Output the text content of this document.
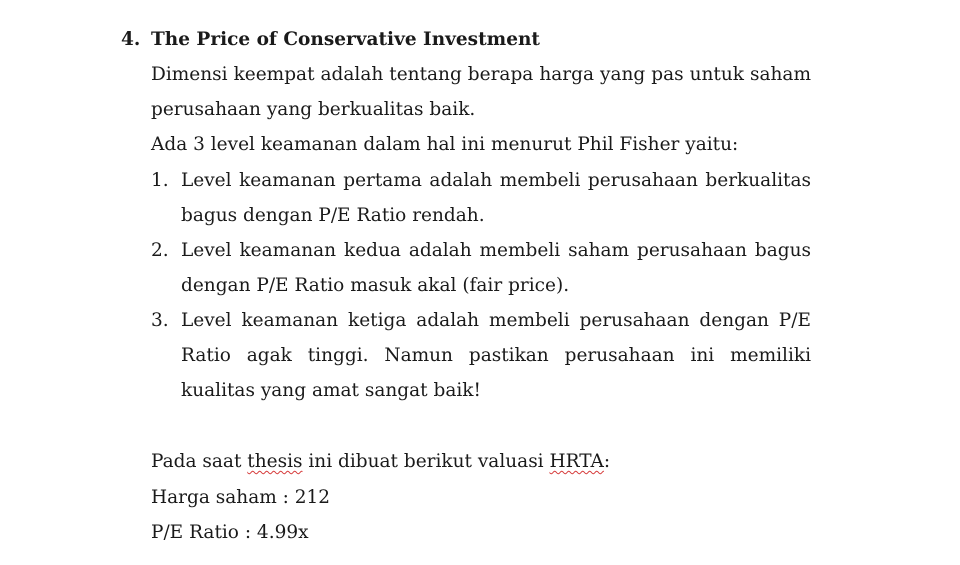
4. The Price of Conservative Investment
Dimensi keempat adalah tentang berapa harga yang pas untuk saham perusahaan yang berkualitas baik.
Ada 3 level keamanan dalam hal ini menurut Phil Fisher yaitu:
1. Level keamanan pertama adalah membeli perusahaan berkualitas bagus dengan P/E Ratio rendah.
2. Level keamanan kedua adalah membeli saham perusahaan bagus dengan P/E Ratio masuk akal (fair price).
3. Level keamanan ketiga adalah membeli perusahaan dengan P/E Ratio agak tinggi. Namun pastikan perusahaan ini memiliki kualitas yang amat sangat baik!
Pada saat thesis ini dibuat berikut valuasi HRTA:
Harga saham : 212
P/E Ratio : 4.99x
